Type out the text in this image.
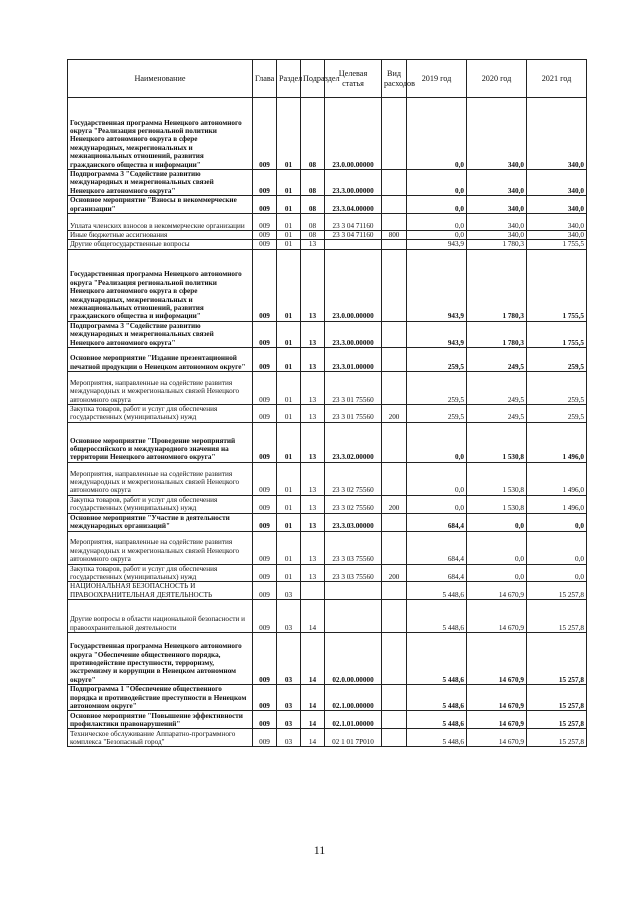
Наименование	Глава	Раздел	Подраздел	Целевая статья	Вид расходов	2019 год	2020 год	2021 год
Государственная программа Ненецкого автономного округа "Реализация региональной политики Ненецкого автономного округа в сфере международных, межрегиональных и межнациональных отношений, развития гражданского общества и информации"	009	01	08	23.0.00.00000		0,0	340,0	340,0
Подпрограмма 3 "Содействие развитию международных и межрегиональных связей Ненецкого автономного округа"	009	01	08	23.3.00.00000		0,0	340,0	340,0
Основное мероприятие "Взносы в некоммерческие организации"	009	01	08	23.3.04.00000		0,0	340,0	340,0
Уплата членских взносов в некоммерческие организации	009	01	08	23 3 04 71160		0,0	340,0	340,0
Иные бюджетные ассигнования	009	01	08	23 3 04 71160	800	0,0	340,0	340,0
Другие общегосударственные вопросы	009	01	13			943,9	1 780,3	1 755,5
Государственная программа Ненецкого автономного округа "Реализация региональной политики Ненецкого автономного округа в сфере международных, межрегиональных и межнациональных отношений, развития гражданского общества и информации"	009	01	13	23.0.00.00000		943,9	1 780,3	1 755,5
Подпрограмма 3 "Содействие развитию международных и межрегиональных связей Ненецкого автономного округа"	009	01	13	23.3.00.00000		943,9	1 780,3	1 755,5
Основное мероприятие "Издание презентационной печатной продукции о Ненецком автономном округе"	009	01	13	23.3.01.00000		259,5	249,5	259,5
Мероприятия, направленные на содействие развития международных и межрегиональных связей Ненецкого автономного округа	009	01	13	23 3 01 75560		259,5	249,5	259,5
Закупка товаров, работ и услуг для обеспечения государственных (муниципальных) нужд	009	01	13	23 3 01 75560	200	259,5	249,5	259,5
Основное мероприятие "Проведение мероприятий общероссийского и международного значения на территории Ненецкого автономного округа"	009	01	13	23.3.02.00000		0,0	1 530,8	1 496,0
Мероприятия, направленные на содействие развития международных и межрегиональных связей Ненецкого автономного округа	009	01	13	23 3 02 75560		0,0	1 530,8	1 496,0
Закупка товаров, работ и услуг для обеспечения государственных (муниципальных) нужд	009	01	13	23 3 02 75560	200	0,0	1 530,8	1 496,0
Основное мероприятие "Участие в деятельности международных организаций"	009	01	13	23.3.03.00000		684,4	0,0	0,0
Мероприятия, направленные на содействие развития международных и межрегиональных связей Ненецкого автономного округа	009	01	13	23 3 03 75560		684,4	0,0	0,0
Закупка товаров, работ и услуг для обеспечения государственных (муниципальных) нужд	009	01	13	23 3 03 75560	200	684,4	0,0	0,0
НАЦИОНАЛЬНАЯ БЕЗОПАСНОСТЬ И ПРАВООХРАНИТЕЛЬНАЯ ДЕЯТЕЛЬНОСТЬ	009	03				5 448,6	14 670,9	15 257,8
Другие вопросы в области национальной безопасности и правоохранительной деятельности	009	03	14			5 448,6	14 670,9	15 257,8
Государственная программа Ненецкого автономного округа "Обеспечение общественного порядка, противодействие преступности, терроризму, экстремизму и коррупции в Ненецком автономном округе"	009	03	14	02.0.00.00000		5 448,6	14 670,9	15 257,8
Подпрограмма 1 "Обеспечение общественного порядка и противодействие преступности в Ненецком автономном округе"	009	03	14	02.1.00.00000		5 448,6	14 670,9	15 257,8
Основное мероприятие "Повышение эффективности профилактики правонарушений"	009	03	14	02.1.01.00000		5 448,6	14 670,9	15 257,8
Техническое обслуживание Аппаратно-программного комплекса "Безопасный город"	009	03	14	02 1 01 7P010		5 448,6	14 670,9	15 257,8
11
